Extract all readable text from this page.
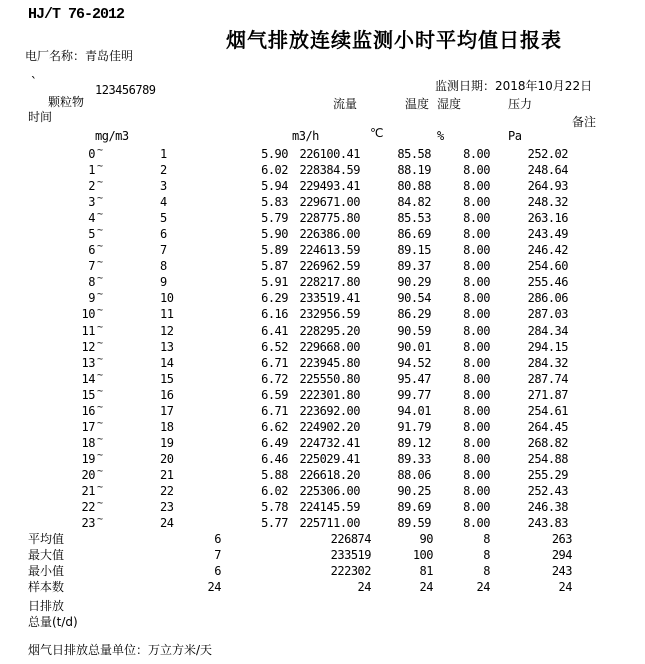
HJ/T 76-2012
烟气排放连续监测小时平均值日报表
电厂名称：青岛佳明
`	123456789	监测日期：2018年10月22日
颗粒物
时间
流量	温度 湿度	压力
备注
mg/m3	m3/h	℃	%	Pa
0 ~	1	5.90 226100.41	85.58	8.00	252.02
1 ~	2	6.02 228384.59	88.19	8.00	248.64
2 ~	3	5.94 229493.41	80.88	8.00	264.93
3 ~	4	5.83 229671.00	84.82	8.00	248.32
4 ~	5	5.79 228775.80	85.53	8.00	263.16
5 ~	6	5.90 226386.00	86.69	8.00	243.49
6 ~	7	5.89 224613.59	89.15	8.00	246.42
7 ~	8	5.87 226962.59	89.37	8.00	254.60
8 ~	9	5.91 228217.80	90.29	8.00	255.46
9 ~	10	6.29 233519.41	90.54	8.00	286.06
10 ~	11	6.16 232956.59	86.29	8.00	287.03
11 ~	12	6.41 228295.20	90.59	8.00	284.34
12 ~	13	6.52 229668.00	90.01	8.00	294.15
13 ~	14	6.71 223945.80	94.52	8.00	284.32
14 ~	15	6.72 225550.80	95.47	8.00	287.74
15 ~	16	6.59 222301.80	99.77	8.00	271.87
16 ~	17	6.71 223692.00	94.01	8.00	254.61
17 ~	18	6.62 224902.20	91.79	8.00	264.45
18 ~	19	6.49 224732.41	89.12	8.00	268.82
19 ~	20	6.46 225029.41	89.33	8.00	254.88
20 ~	21	5.88 226618.20	88.06	8.00	255.29
21 ~	22	6.02 225306.00	90.25	8.00	252.43
22 ~	23	5.78 224145.59	89.69	8.00	246.38
23 ~	24	5.77 225711.00	89.59	8.00	243.83
平均值	6	226874	90	8	263
最大值	7	233519	100	8	294
最小值	6	222302	81	8	243
样本数	24	24	24	24	24
日排放
总量(t/d)
烟气日排放总量单位：万立方米/天
